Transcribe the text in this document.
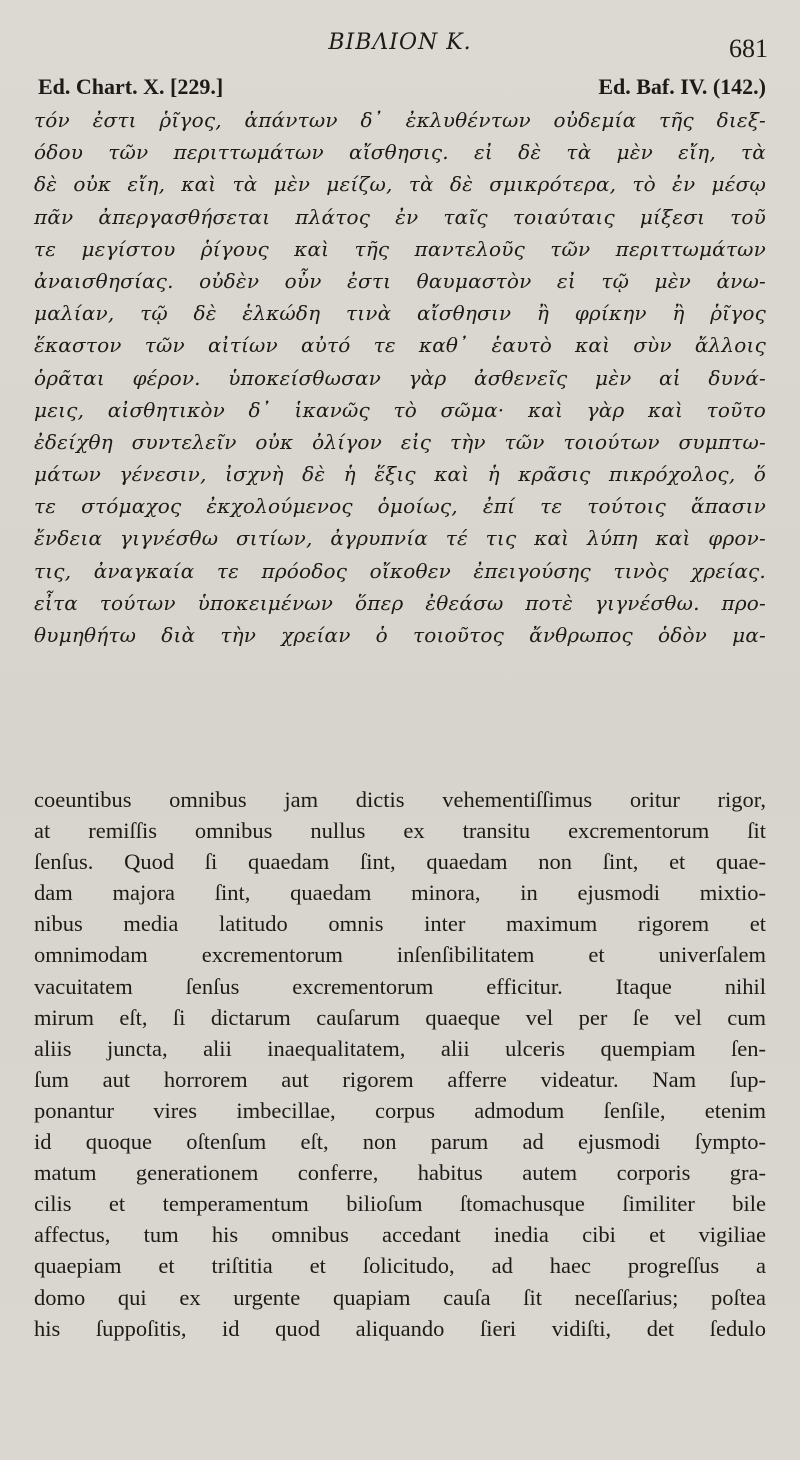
BIBΛΙΟΝ K.	681
Ed. Chart. X. [229.]	Ed. Baf. IV. (142.)
τόν ἐστι ῥῖγος, ἁπάντων δ᾽ ἐκλυθέντων οὐδεμία τῆς διεξ-
όδου τῶν περιττωμάτων αἴσθησις. εἰ δὲ τὰ μὲν εἴη, τὰ
δὲ οὐκ εἴη, καὶ τὰ μὲν μείζω, τὰ δὲ σμικρότερα, τὸ ἐν μέσῳ
πᾶν ἀπεργασθήσεται πλάτος ἐν ταῖς τοιαύταις μίξεσι τοῦ
τε μεγίστου ῥίγους καὶ τῆς παντελοῦς τῶν περιττωμάτων
ἀναισθησίας. οὐδὲν οὖν ἐστι θαυμαστὸν εἰ τῷ μὲν ἀνω-
μαλίαν, τῷ δὲ ἑλκώδη τινὰ αἴσθησιν ἢ φρίκην ἢ ῥῖγος
ἕκαστον τῶν αἰτίων αὐτό τε καθ᾽ ἑαυτὸ καὶ σὺν ἄλλοις
ὁρᾶται φέρον. ὑποκείσθωσαν γὰρ ἀσθενεῖς μὲν αἱ δυνά-
μεις, αἰσθητικὸν δ᾽ ἱκανῶς τὸ σῶμα· καὶ γὰρ καὶ τοῦτο
ἐδείχθη συντελεῖν οὐκ ὀλίγον εἰς τὴν τῶν τοιούτων συμπτω-
μάτων γένεσιν, ἰσχνὴ δὲ ἡ ἕξις καὶ ἡ κρᾶσις πικρόχολος, ὅ
τε στόμαχος ἐκχολούμενος ὁμοίως, ἐπί τε τούτοις ἅπασιν
ἔνδεια γιγνέσθω σιτίων, ἀγρυπνία τέ τις καὶ λύπη καὶ φρον-
τις, ἀναγκαία τε πρόοδος οἴκοθεν ἐπειγούσης τινὸς χρείας.
εἶτα τούτων ὑποκειμένων ὅπερ ἐθεάσω ποτὲ γιγνέσθω. προ-
θυμηθήτω διὰ τὴν χρείαν ὁ τοιοῦτος ἄνθρωπος ὁδὸν μα-
coeuntibus omnibus jam dictis vehementiſſimus oritur rigor,
at remiſſis omnibus nullus ex transitu excrementorum ſit
ſenſus. Quod ſi quaedam ſint, quaedam non ſint, et quae-
dam majora ſint, quaedam minora, in ejusmodi mixtio-
nibus media latitudo omnis inter maximum rigorem et
omnimodam excrementorum inſenſibilitatem et univerſalem
vacuitatem ſenſus excrementorum efficitur. Itaque nihil
mirum eſt, ſi dictarum cauſarum quaeque vel per ſe vel cum
aliis juncta, alii inaequalitatem, alii ulceris quempiam ſen-
ſum aut horrorem aut rigorem afferre videatur. Nam ſup-
ponantur vires imbecillae, corpus admodum ſenſile, etenim
id quoque oſtenſum eſt, non parum ad ejusmodi ſympto-
matum generationem conferre, habitus autem corporis gra-
cilis et temperamentum bilioſum ſtomachusque ſimiliter bile
affectus, tum his omnibus accedant inedia cibi et vigiliae
quaepiam et triſtitia et ſolicitudo, ad haec progreſſus a
domo qui ex urgente quapiam cauſa ſit neceſſarius; poſtea
his ſuppoſitis, id quod aliquando ſieri vidiſti, det ſedulo
